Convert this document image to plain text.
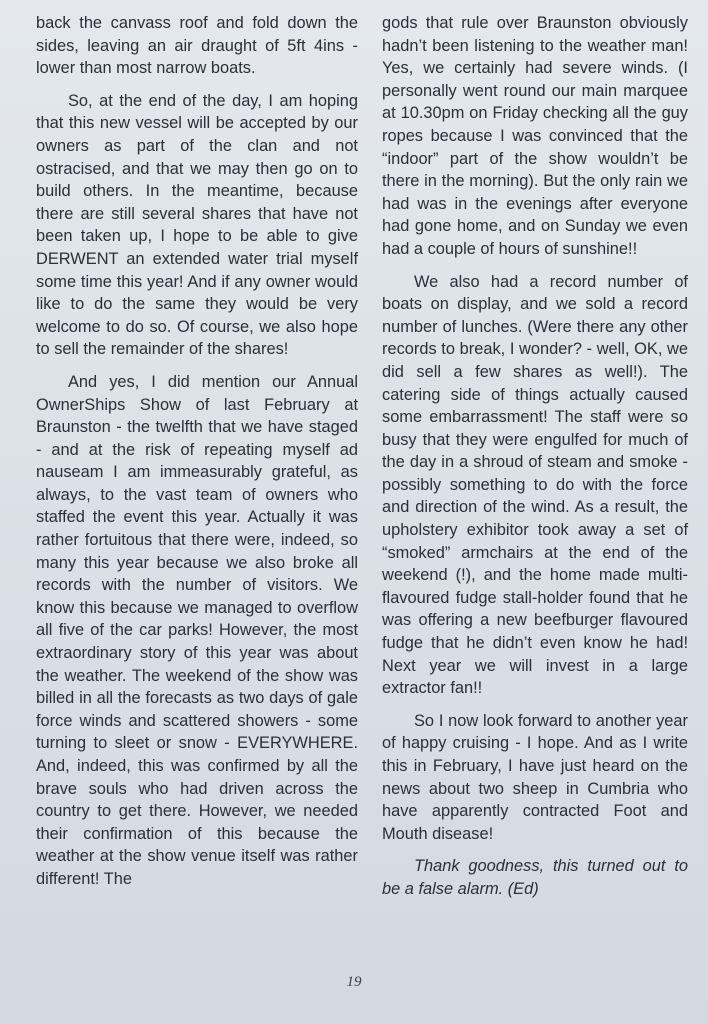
back the canvass roof and fold down the sides, leaving an air draught of 5ft 4ins - lower than most narrow boats.

So, at the end of the day, I am hoping that this new vessel will be accepted by our owners as part of the clan and not ostracised, and that we may then go on to build others. In the meantime, because there are still several shares that have not been taken up, I hope to be able to give DERWENT an extended water trial myself some time this year! And if any owner would like to do the same they would be very welcome to do so. Of course, we also hope to sell the remainder of the shares!

And yes, I did mention our Annual OwnerShips Show of last February at Braunston - the twelfth that we have staged - and at the risk of repeating myself ad nauseam I am immeasurably grateful, as always, to the vast team of owners who staffed the event this year. Actually it was rather fortuitous that there were, indeed, so many this year because we also broke all records with the number of visitors. We know this because we managed to overflow all five of the car parks! However, the most extraordinary story of this year was about the weather. The weekend of the show was billed in all the forecasts as two days of gale force winds and scattered showers - some turning to sleet or snow - EVERYWHERE. And, indeed, this was confirmed by all the brave souls who had driven across the country to get there. However, we needed their confirmation of this because the weather at the show venue itself was rather different! The

gods that rule over Braunston obviously hadn’t been listening to the weather man! Yes, we certainly had severe winds. (I personally went round our main marquee at 10.30pm on Friday checking all the guy ropes because I was convinced that the “indoor” part of the show wouldn’t be there in the morning). But the only rain we had was in the evenings after everyone had gone home, and on Sunday we even had a couple of hours of sunshine!!

We also had a record number of boats on display, and we sold a record number of lunches. (Were there any other records to break, I wonder? - well, OK, we did sell a few shares as well!). The catering side of things actually caused some embarrassment! The staff were so busy that they were engulfed for much of the day in a shroud of steam and smoke - possibly something to do with the force and direction of the wind. As a result, the upholstery exhibitor took away a set of “smoked” armchairs at the end of the weekend (!), and the home made multi-flavoured fudge stall-holder found that he was offering a new beefburger flavoured fudge that he didn’t even know he had! Next year we will invest in a large extractor fan!!

So I now look forward to another year of happy cruising - I hope. And as I write this in February, I have just heard on the news about two sheep in Cumbria who have apparently contracted Foot and Mouth disease!

Thank goodness, this turned out to be a false alarm. (Ed)

19
